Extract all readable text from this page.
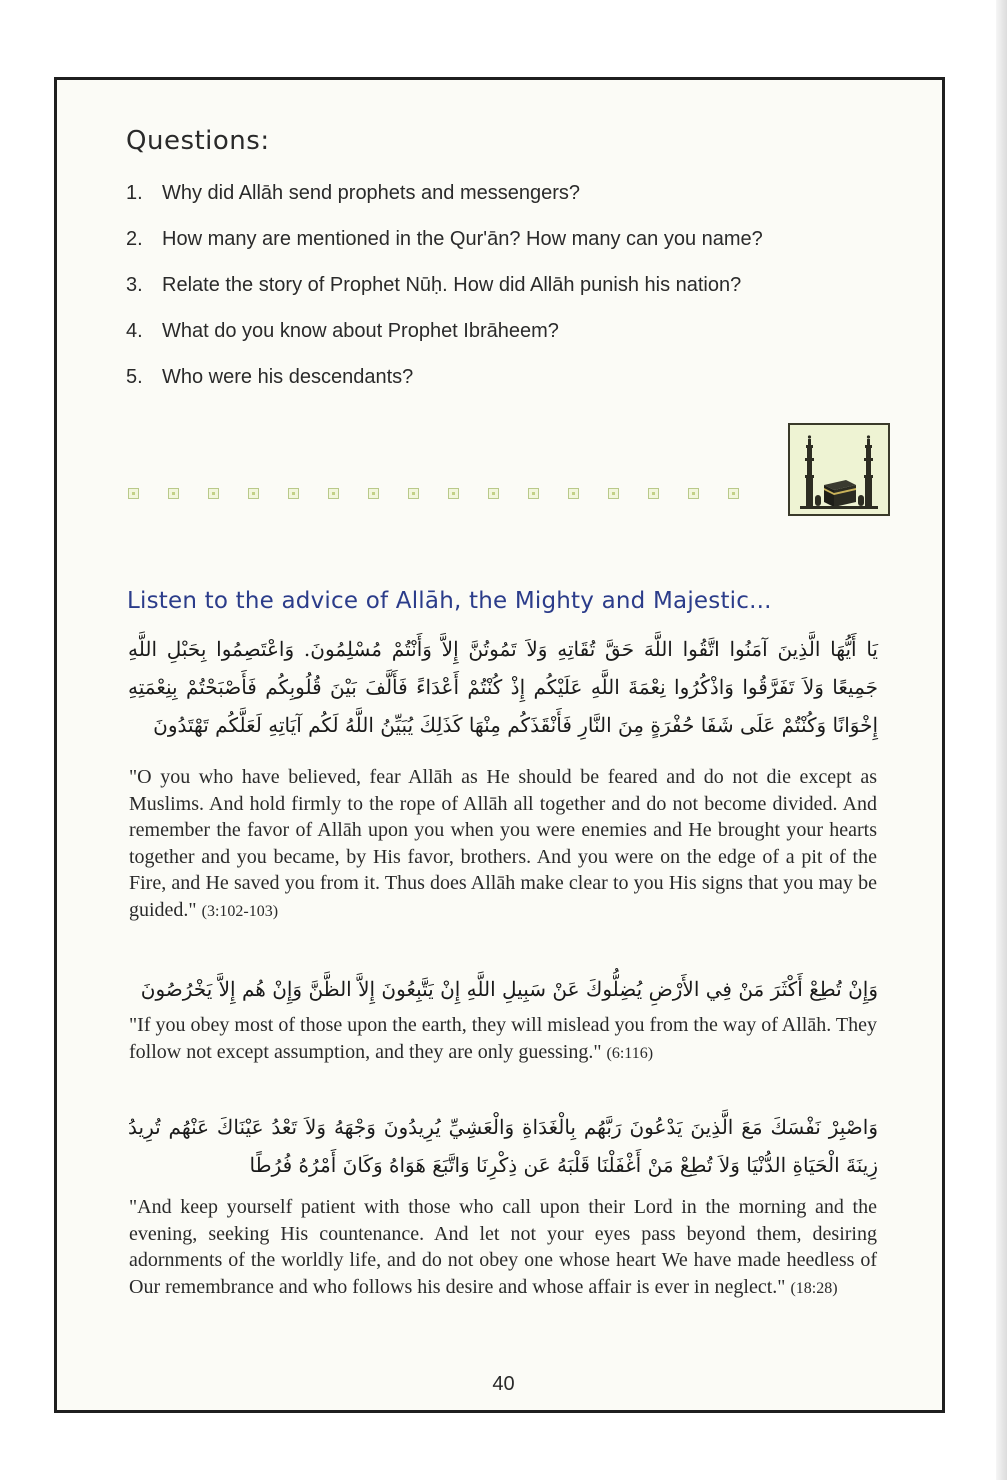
Questions:
1. Why did Allāh send prophets and messengers?
2. How many are mentioned in the Qur'ān? How many can you name?
3. Relate the story of Prophet Nūḥ. How did Allāh punish his nation?
4. What do you know about Prophet Ibrāheem?
5. Who were his descendants?
Listen to the advice of Allāh, the Mighty and Majestic...
يَا أَيُّهَا الَّذِينَ آمَنُوا اتَّقُوا اللَّهَ حَقَّ تُقَاتِهِ وَلاَ تَمُوتُنَّ إِلاَّ وَأَنْتُمْ مُسْلِمُونَ. وَاعْتَصِمُوا بِحَبْلِ اللَّهِ جَمِيعًا وَلاَ تَفَرَّقُوا وَاذْكُرُوا نِعْمَةَ اللَّهِ عَلَيْكُم إِذْ كُنْتُمْ أَعْدَاءً فَأَلَّفَ بَيْنَ قُلُوبِكُم فَأَصْبَحْتُمْ بِنِعْمَتِهِ إِخْوَانًا وَكُنْتُمْ عَلَى شَفَا حُفْرَةٍ مِنَ النَّارِ فَأَنْقَذَكُم مِنْهَا كَذَلِكَ يُبَيِّنُ اللَّهُ لَكُم آيَاتِهِ لَعَلَّكُم تَهْتَدُونَ

"O you who have believed, fear Allāh as He should be feared and do not die except as Muslims. And hold firmly to the rope of Allāh all together and do not become divided. And remember the favor of Allāh upon you when you were enemies and He brought your hearts together and you became, by His favor, brothers. And you were on the edge of a pit of the Fire, and He saved you from it. Thus does Allāh make clear to you His signs that you may be guided." (3:102-103)

وَإِنْ تُطِعْ أَكْثَرَ مَنْ فِي الأَرْضِ يُضِلُّوكَ عَنْ سَبِيلِ اللَّهِ إِنْ يَتَّبِعُونَ إِلاَّ الظَّنَّ وَإِنْ هُم إِلاَّ يَخْرُصُونَ

"If you obey most of those upon the earth, they will mislead you from the way of Allāh. They follow not except assumption, and they are only guessing." (6:116)

وَاصْبِرْ نَفْسَكَ مَعَ الَّذِينَ يَدْعُونَ رَبَّهُم بِالْغَدَاةِ وَالْعَشِيِّ يُرِيدُونَ وَجْهَهُ وَلاَ تَعْدُ عَيْنَاكَ عَنْهُم تُرِيدُ زِينَةَ الْحَيَاةِ الدُّنْيَا وَلاَ تُطِعْ مَنْ أَغْفَلْنَا قَلْبَهُ عَن ذِكْرِنَا وَاتَّبَعَ هَوَاهُ وَكَانَ أَمْرُهُ فُرُطًا

"And keep yourself patient with those who call upon their Lord in the morning and the evening, seeking His countenance. And let not your eyes pass beyond them, desiring adornments of the worldly life, and do not obey one whose heart We have made heedless of Our remembrance and who follows his desire and whose affair is ever in neglect." (18:28)

40
